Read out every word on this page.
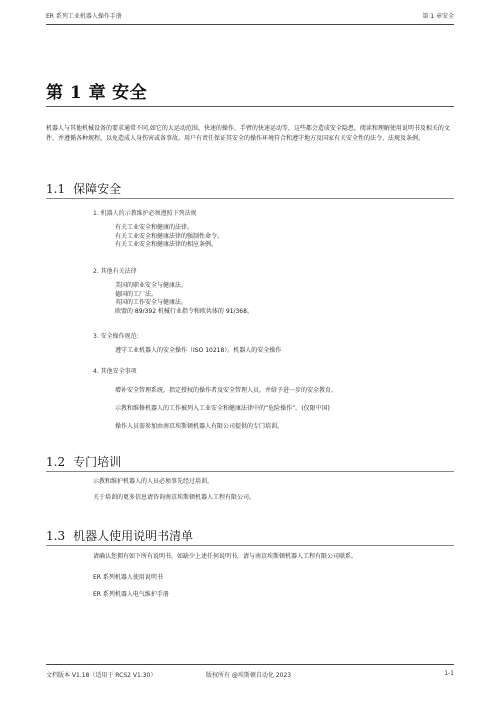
ER 系列工业机器人操作手册	第 1 章安全
第 1 章 安全
机器人与其他机械设备的要求通常不同,如它的大运动范围、快速的操作、手臂的快速运动等，这些都会造成安全隐患。阅读和理解使用说明书及相关的文件，并遵循各种规程，以免造成人身伤害或备事故。用户有责任保证其安全的操作环境符合和遵守地方及国家有关安全性的法令、法规及条例。
1.1 保障安全
1. 机器人的示教维护必须遵照下列法规
有关工业安全和健康的法律。
有关工业安全和健康法律的强制性命令。
有关工业安全和健康法律的相应条例。
2. 其他有关法律
美国的职业安全与健康法。
德国的工厂法。
英国的工作安全与健康法。
欧盟的 89/392 机械行业指令和欧共体的 91/368。
3. 安全操作规范:
遵守工业机器人的安全操作（ISO 10218）。机器人的安全操作
4. 其他安全事项
增补安全管理系统。指定授权的操作者及安全管理人员，并给予进一步的安全教育。
示教和维修机器人的工作被列入工业安全和健康法律中的“危险操作”。(仅限中国)
操作人员需参加由南京埃斯顿机器人有限公司提供的专门培训。
1.2 专门培训
示教和维护机器人的人员必须事先经过培训。
关于培训的更多信息请咨询南京埃斯顿机器人工程有限公司。
1.3 机器人使用说明书清单
请确认您拥有如下所有说明书。如缺少上述任何说明书，请与南京埃斯顿机器人工程有限公司联系。
ER 系列机器人使用说明书
ER 系列机器人电气维护手册
文档版本 V1.18（适用于 RCS2 V1.30）	版权所有 @埃斯顿自动化 2023	1-1
